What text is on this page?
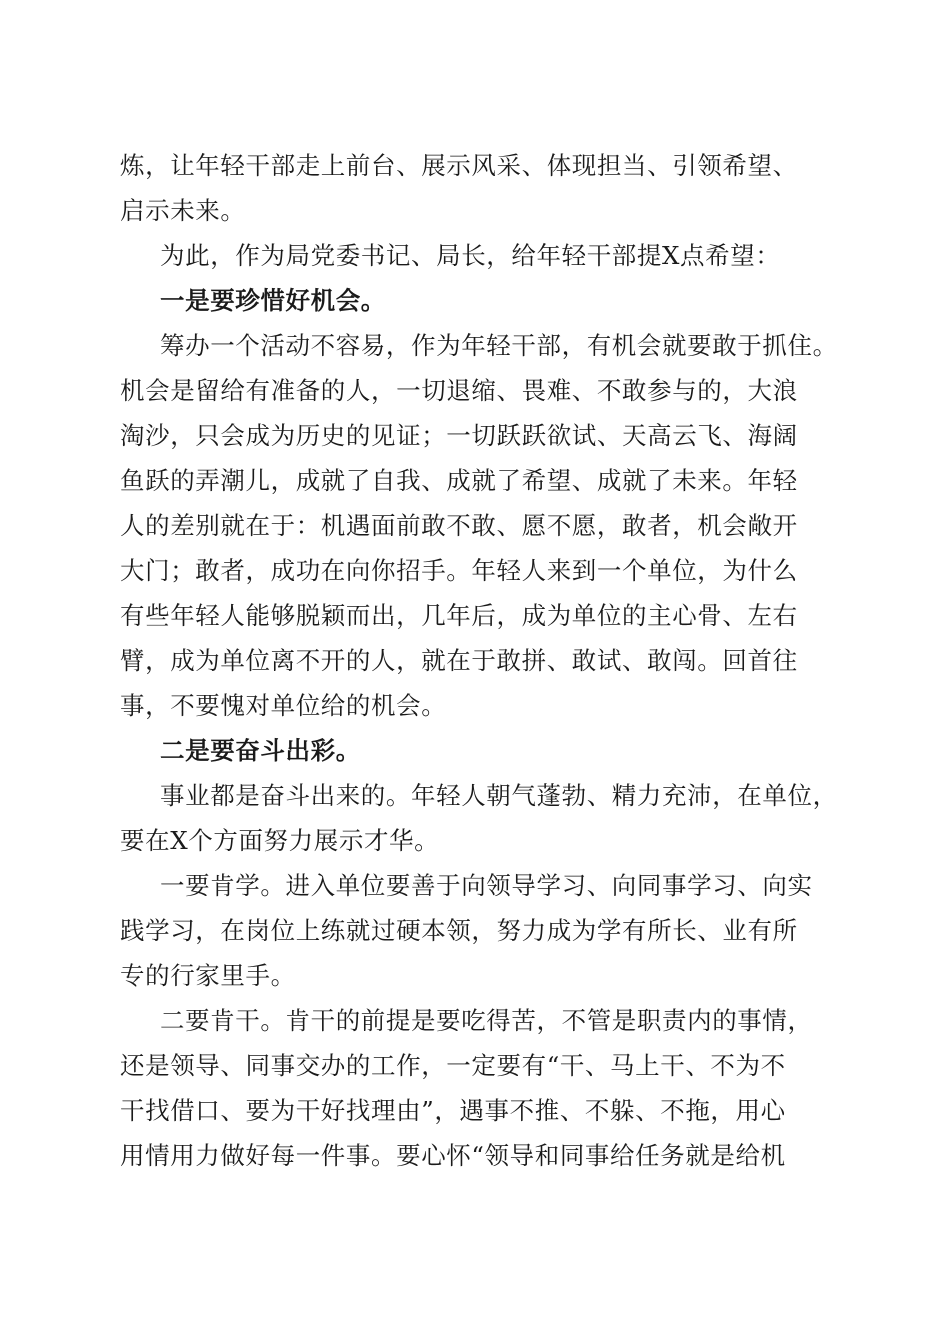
炼，让年轻干部走上前台、展示风采、体现担当、引领希望、
启示未来。
为此，作为局党委书记、局长，给年轻干部提X点希望：
一是要珍惜好机会。
筹办一个活动不容易，作为年轻干部，有机会就要敢于抓住。
机会是留给有准备的人，一切退缩、畏难、不敢参与的，大浪
淘沙，只会成为历史的见证；一切跃跃欲试、天高云飞、海阔
鱼跃的弄潮儿，成就了自我、成就了希望、成就了未来。年轻
人的差别就在于：机遇面前敢不敢、愿不愿，敢者，机会敞开
大门；敢者，成功在向你招手。年轻人来到一个单位，为什么
有些年轻人能够脱颖而出，几年后，成为单位的主心骨、左右
臂，成为单位离不开的人，就在于敢拼、敢试、敢闯。回首往
事，不要愧对单位给的机会。
二是要奋斗出彩。
事业都是奋斗出来的。年轻人朝气蓬勃、精力充沛，在单位，
要在X个方面努力展示才华。
一要肯学。进入单位要善于向领导学习、向同事学习、向实
践学习，在岗位上练就过硬本领，努力成为学有所长、业有所
专的行家里手。
二要肯干。肯干的前提是要吃得苦，不管是职责内的事情，
还是领导、同事交办的工作，一定要有“干、马上干、不为不
干找借口、要为干好找理由”，遇事不推、不躲、不拖，用心
用情用力做好每一件事。要心怀“领导和同事给任务就是给机
